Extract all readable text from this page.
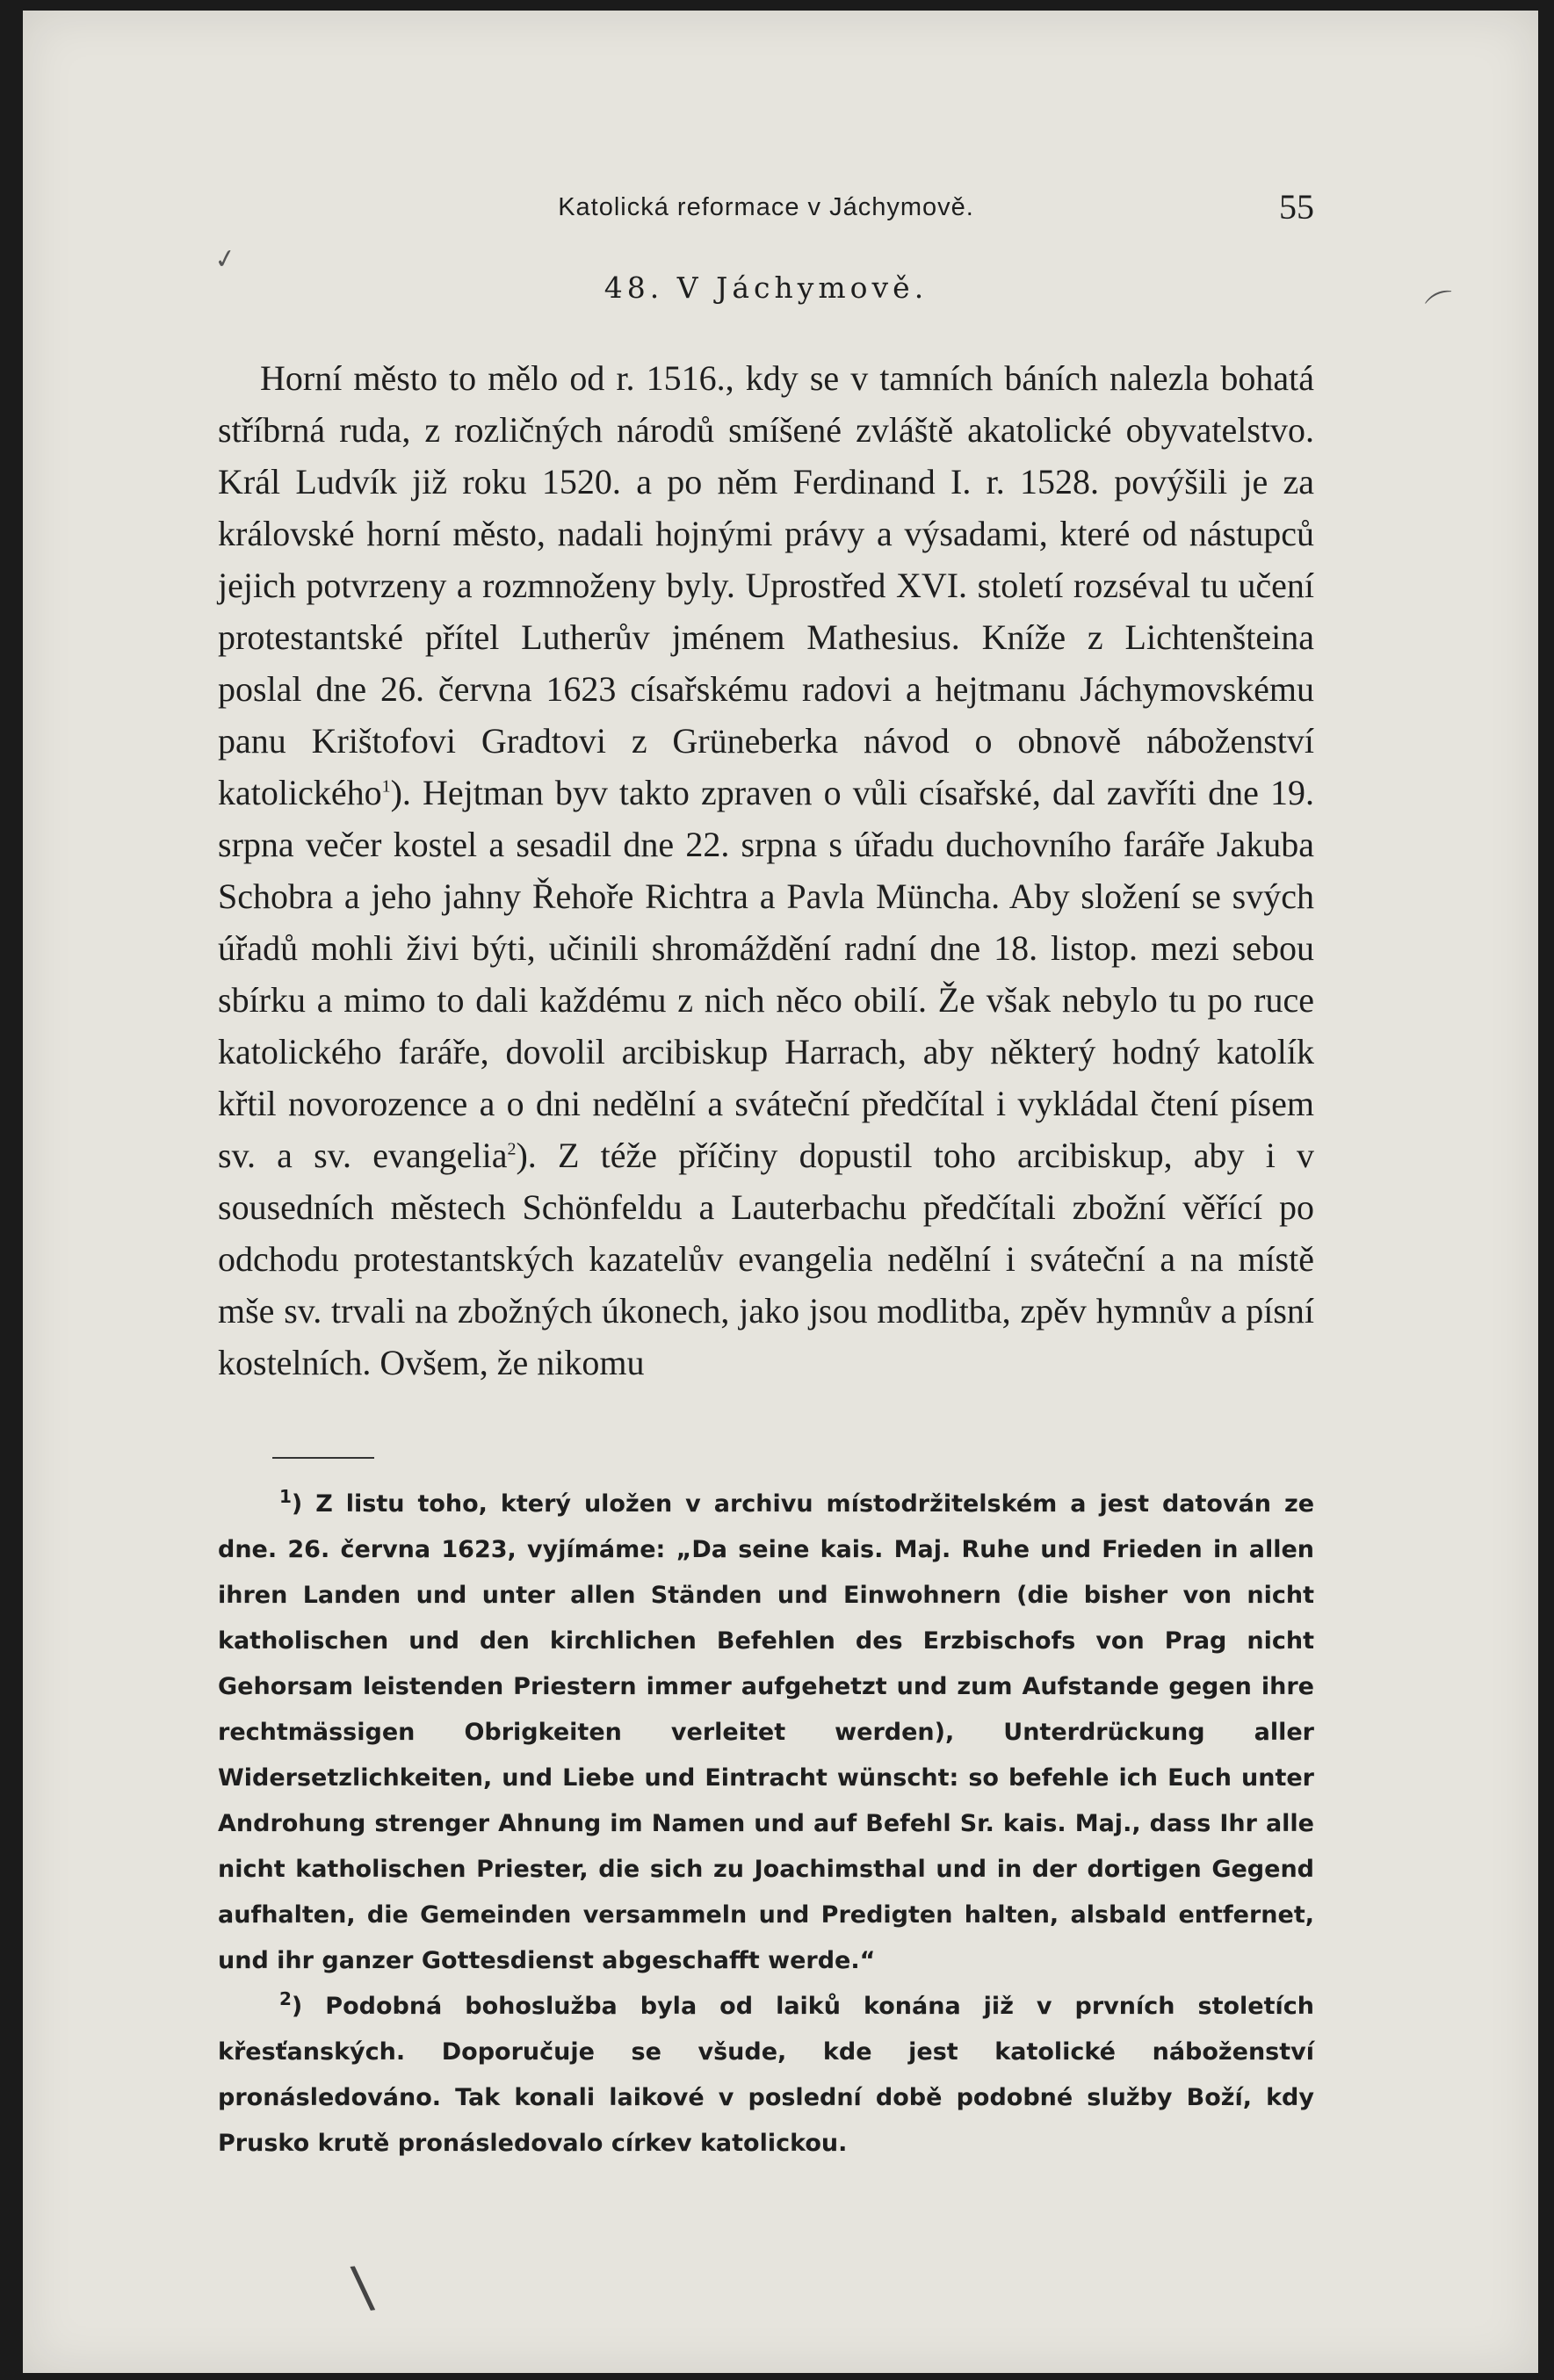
✓
⌒
\
Katolická reformace v Jáchymově.	55
48. V Jáchymově.

Horní město to mělo od r. 1516., kdy se v tamních báních nalezla bohatá stříbrná ruda, z rozličných národů smíšené zvláště akatolické obyvatelstvo. Král Ludvík již roku 1520. a po něm Ferdinand I. r. 1528. povýšili je za královské horní město, nadali hojnými právy a výsadami, které od nástupců jejich potvrzeny a rozmnoženy byly. Uprostřed XVI. století rozséval tu učení protestantské přítel Lutherův jménem Mathesius. Kníže z Lichtenšteina poslal dne 26. června 1623 císařskému radovi a hejtmanu Jáchymovskému panu Krištofovi Gradtovi z Grüneberka návod o obnově náboženství katolického$^1$). Hejtman byv takto zpraven o vůli císařské, dal zavříti dne 19. srpna večer kostel a sesadil dne 22. srpna s úřadu duchovního faráře Jakuba Schobra a jeho jahny Řehoře Richtra a Pavla Müncha. Aby složení se svých úřadů mohli živi býti, učinili shromáždění radní dne 18. listop. mezi sebou sbírku a mimo to dali každému z nich něco obilí. Že však nebylo tu po ruce katolického faráře, dovolil arcibiskup Harrach, aby některý hodný katolík křtil novorozence a o dni nedělní a sváteční předčítal i vykládal čtení písem sv. a sv. evangelia$^2$). Z téže příčiny dopustil toho arcibiskup, aby i v sousedních městech Schönfeldu a Lauterbachu předčítali zbožní věřící po odchodu protestantských kazatelův evangelia nedělní i sváteční a na místě mše sv. trvali na zbožných úkonech, jako jsou modlitba, zpěv hymnův a písní kostelních. Ovšem, že nikomu

$^1$) Z listu toho, který uložen v archivu místodržitelském a jest datován ze dne. 26. června 1623, vyjímáme: „Da seine kais. Maj. Ruhe und Frieden in allen ihren Landen und unter allen Ständen und Einwohnern (die bisher von nicht katholischen und den kirchlichen Befehlen des Erzbischofs von Prag nicht Gehorsam leistenden Priestern immer aufgehetzt und zum Aufstande gegen ihre rechtmässigen Obrigkeiten verleitet werden), Unterdrückung aller Widersetzlichkeiten, und Liebe und Eintracht wünscht: so befehle ich Euch unter Androhung strenger Ahnung im Namen und auf Befehl Sr. kais. Maj., dass Ihr alle nicht katholischen Priester, die sich zu Joachimsthal und in der dortigen Gegend aufhalten, die Gemeinden versammeln und Predigten halten, alsbald entfernet, und ihr ganzer Gottesdienst abgeschafft werde.“

$^2$) Podobná bohoslužba byla od laiků konána již v prvních stoletích křesťanských. Doporučuje se všude, kde jest katolické náboženství pronásledováno. Tak konali laikové v poslední době podobné služby Boží, kdy Prusko krutě pronásledovalo církev katolickou.
